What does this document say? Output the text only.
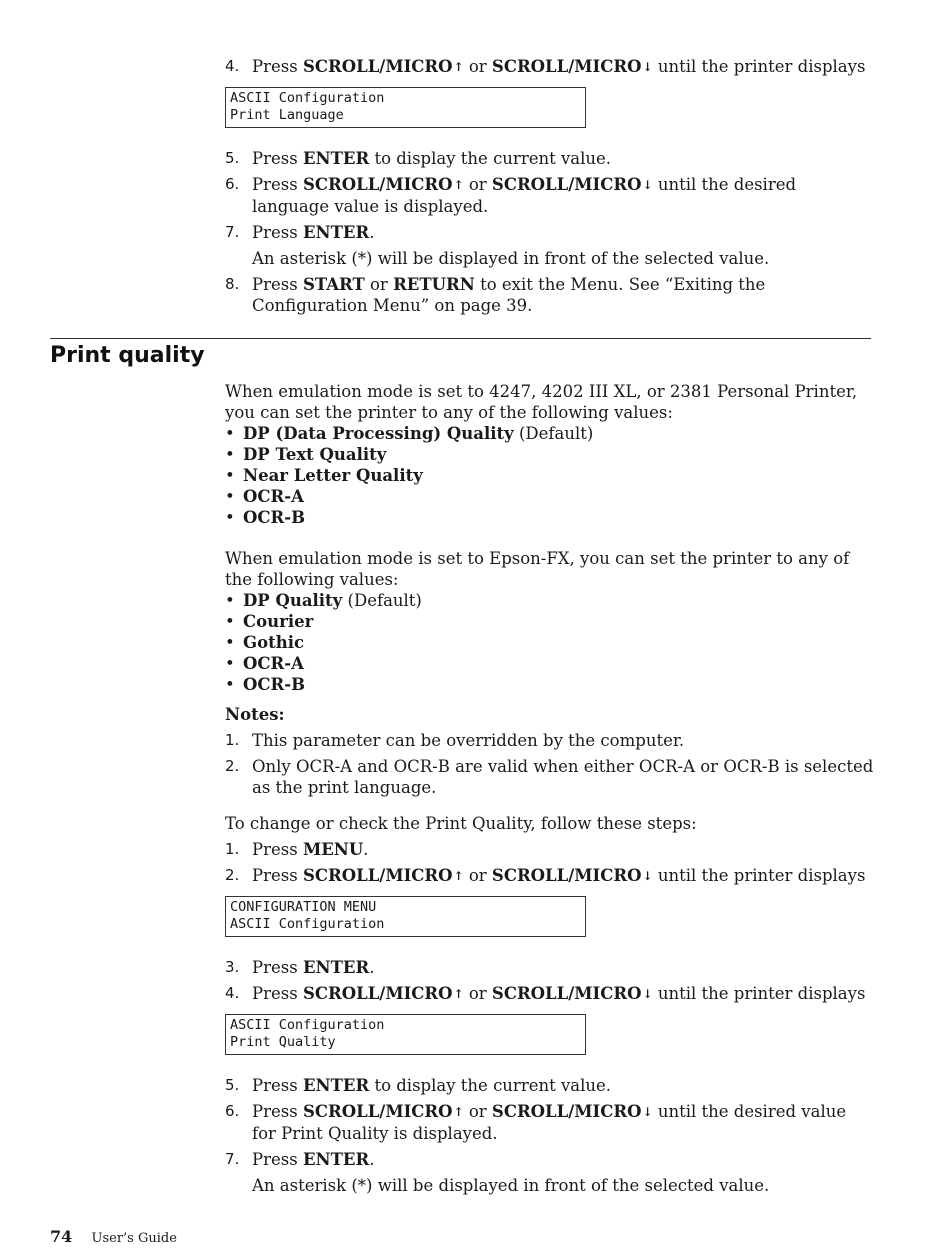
4. Press SCROLL/MICRO↑ or SCROLL/MICRO↓ until the printer displays
ASCII Configuration
Print Language
5. Press ENTER to display the current value.
6. Press SCROLL/MICRO↑ or SCROLL/MICRO↓ until the desired language value is displayed.
7. Press ENTER.
An asterisk (*) will be displayed in front of the selected value.
8. Press START or RETURN to exit the Menu. See “Exiting the Configuration Menu” on page 39.
Print quality

When emulation mode is set to 4247, 4202 III XL, or 2381 Personal Printer, you can set the printer to any of the following values:

• DP (Data Processing) Quality (Default)
• DP Text Quality
• Near Letter Quality
• OCR-A
• OCR-B

When emulation mode is set to Epson-FX, you can set the printer to any of the following values:

• DP Quality (Default)
• Courier
• Gothic
• OCR-A
• OCR-B

Notes:

1. This parameter can be overridden by the computer.
2. Only OCR-A and OCR-B are valid when either OCR-A or OCR-B is selected as the print language.

To change or check the Print Quality, follow these steps:

1. Press MENU.
2. Press SCROLL/MICRO↑ or SCROLL/MICRO↓ until the printer displays
CONFIGURATION MENU
ASCII Configuration
3. Press ENTER.
4. Press SCROLL/MICRO↑ or SCROLL/MICRO↓ until the printer displays
ASCII Configuration
Print Quality
5. Press ENTER to display the current value.
6. Press SCROLL/MICRO↑ or SCROLL/MICRO↓ until the desired value for Print Quality is displayed.
7. Press ENTER.
An asterisk (*) will be displayed in front of the selected value.
74 User’s Guide
